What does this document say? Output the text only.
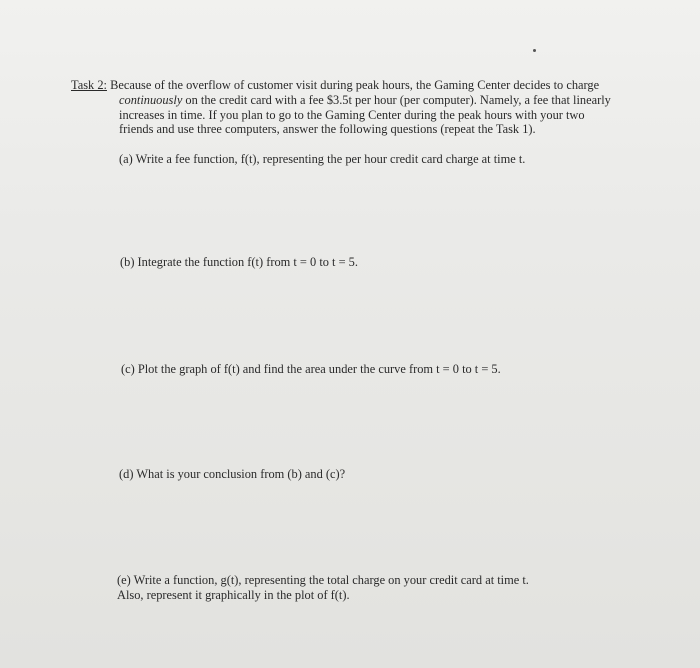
Task 2: Because of the overflow of customer visit during peak hours, the Gaming Center decides to charge
continuously on the credit card with a fee $3.5t per hour (per computer). Namely, a fee that linearly increases in time. If you plan to go to the Gaming Center during the peak hours with your two friends and use three computers, answer the following questions (repeat the Task 1).
(a) Write a fee function, f(t), representing the per hour credit card charge at time t.
(b) Integrate the function f(t) from t = 0 to t = 5.
(c) Plot the graph of f(t) and find the area under the curve from t = 0 to t = 5.
(d) What is your conclusion from (b) and (c)?
(e) Write a function, g(t), representing the total charge on your credit card at time t.
Also, represent it graphically in the plot of f(t).
